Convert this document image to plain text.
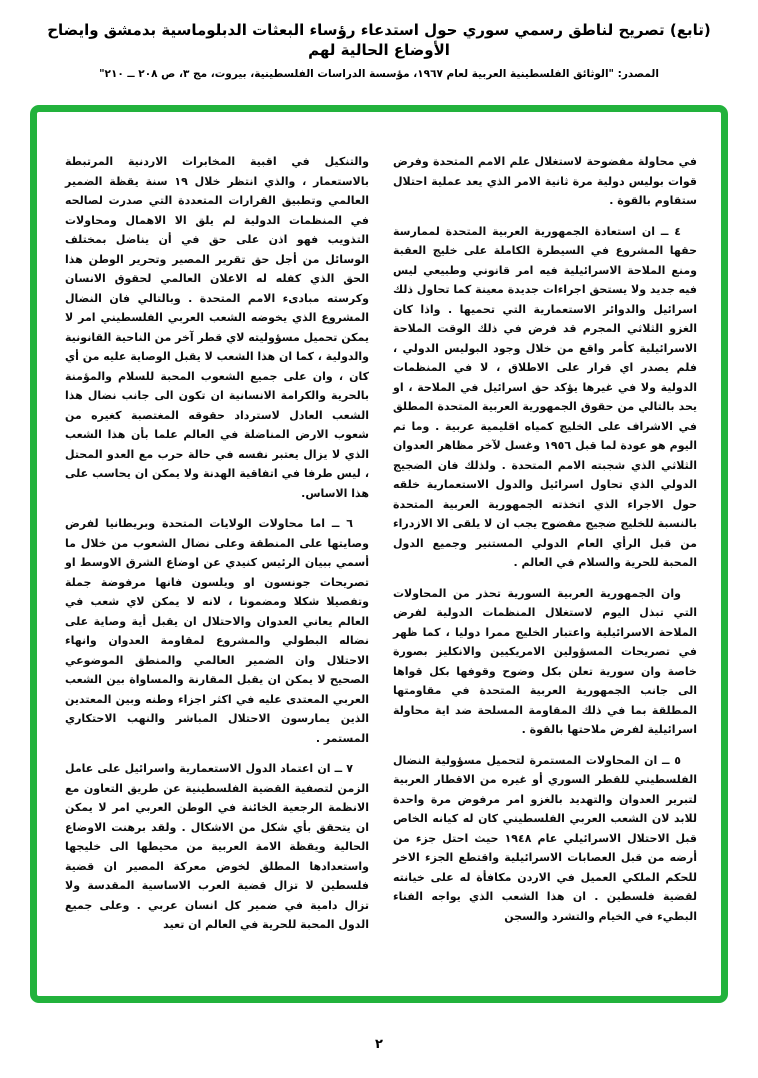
(تابع) تصريح لناطق رسمي سوري حول استدعاء رؤساء البعثات الدبلوماسية بدمشق وايضاح الأوضاع الحالية لهم
المصدر: "الوثائق الفلسطينية العربية لعام ١٩٦٧، مؤسسة الدراسات الفلسطينية، بيروت، مج ٣، ص ٢٠٨ ــ ٢١٠"

في محاولة مفضوحة لاستغلال علم الامم المتحدة وفرض قوات بوليس دولية مرة ثانية الامر الذي يعد عملية احتلال ستقاوم بالقوة .

٤ ــ ان استعادة الجمهورية العربية المتحدة لممارسة حقها المشروع في السيطرة الكاملة على خليج العقبة ومنع الملاحة الاسرائيلية فيه امر قانوني وطبيعي ليس فيه جديد ولا يستحق اجراءات جديدة معينة كما تحاول ذلك اسرائيل والدوائر الاستعمارية التي تحميها . واذا كان الغزو الثلاثي المجرم قد فرض في ذلك الوقت الملاحة الاسرائيلية كأمر واقع من خلال وجود البوليس الدولي ، فلم يصدر اي قرار على الاطلاق ، لا في المنظمات الدولية ولا في غيرها يؤكد حق اسرائيل في الملاحة ، او يحد بالتالي من حقوق الجمهورية العربية المتحدة المطلق في الاشراف على الخليج كمياه اقليمية عربية . وما تم اليوم هو عودة لما قبل ١٩٥٦ وغسل لآخر مظاهر العدوان الثلاثي الذي شجبته الامم المتحدة . ولذلك فان الضجيج الدولي الذي تحاول اسرائيل والدول الاستعمارية خلقه حول الاجراء الذي اتخذته الجمهورية العربية المتحدة بالنسبة للخليج ضجيج مفضوح يجب ان لا يلقى الا الازدراء من قبل الرأي العام الدولي المستنير وجميع الدول المحبة للحرية والسلام في العالم .

وان الجمهورية العربية السورية تحذر من المحاولات التي تبذل اليوم لاستغلال المنظمات الدولية لفرض الملاحة الاسرائيلية واعتبار الخليج ممرا دوليا ، كما ظهر في تصريحات المسؤولين الامريكيين والانكليز بصورة خاصة وان سورية تعلن بكل وضوح وقوفها بكل قواها الى جانب الجمهورية العربية المتحدة في مقاومتها المطلقة بما في ذلك المقاومة المسلحة ضد اية محاولة اسرائيلية لفرض ملاحتها بالقوة .

٥ ــ ان المحاولات المستمرة لتحميل مسؤولية النضال الفلسطيني للقطر السوري أو غيره من الاقطار العربية لتبرير العدوان والتهديد بالغزو امر مرفوض مرة واحدة للابد لان الشعب العربي الفلسطيني كان له كيانه الخاص قبل الاحتلال الاسرائيلي عام ١٩٤٨ حيث احتل جزء من أرضه من قبل العصابات الاسرائيلية واقتطع الجزء الاخر للحكم الملكي العميل في الاردن مكافأة له على خيانته لقضية فلسطين . ان هذا الشعب الذي يواجه الفناء البطيء في الخيام والتشرد والسجن

والتنكيل في اقبية المخابرات الاردنية المرتبطة بالاستعمار ، والذي انتظر خلال ١٩ سنة يقظة الضمير العالمي وتطبيق القرارات المتعددة التي صدرت لصالحه في المنظمات الدولية لم يلق الا الاهمال ومحاولات التذويب فهو اذن على حق في أن يناضل بمختلف الوسائل من أجل حق تقرير المصير وتحرير الوطن هذا الحق الذي كفله له الاعلان العالمي لحقوق الانسان وكرسته مبادىء الامم المتحدة . وبالتالي فان النضال المشروع الذي يخوضه الشعب العربي الفلسطيني امر لا يمكن تحميل مسؤوليته لاي قطر آخر من الناحية القانونية والدولية ، كما ان هذا الشعب لا يقبل الوصاية عليه من أي كان ، وان على جميع الشعوب المحبة للسلام والمؤمنة بالحرية والكرامة الانسانية ان تكون الى جانب نضال هذا الشعب العادل لاسترداد حقوقه المغتصبة كغيره من شعوب الارض المناضلة في العالم علما بأن هذا الشعب الذي لا يزال يعتبر نفسه في حالة حرب مع العدو المحتل ، ليس طرفا في اتفاقية الهدنة ولا يمكن ان يحاسب على هذا الاساس.

٦ ــ اما محاولات الولايات المتحدة وبريطانيا لفرض وصايتها على المنطقة وعلى نضال الشعوب من خلال ما أسمي ببيان الرئيس كنيدي عن اوضاع الشرق الاوسط او تصريحات جونسون او ويلسون فانها مرفوضة جملة وتفصيلا شكلا ومضمونا ، لانه لا يمكن لاي شعب في العالم يعاني العدوان والاحتلال ان يقبل أية وصاية على نضاله البطولي والمشروع لمقاومة العدوان وانهاء الاحتلال وان الضمير العالمي والمنطق الموضوعي الصحيح لا يمكن ان يقبل المقارنة والمساواة بين الشعب العربي المعتدى عليه في اكثر اجزاء وطنه وبين المعتدين الذين يمارسون الاحتلال المباشر والنهب الاحتكاري المستمر .

٧ ــ ان اعتماد الدول الاستعمارية واسرائيل على عامل الزمن لتصفية القضية الفلسطينية عن طريق التعاون مع الانظمة الرجعية الخائنة في الوطن العربي امر لا يمكن ان يتحقق بأي شكل من الاشكال . ولقد برهنت الاوضاع الحالية ويقظة الامة العربية من محيطها الى خليجها واستعدادها المطلق لخوض معركة المصير ان قضية فلسطين لا تزال قضية العرب الاساسية المقدسة ولا تزال دامية في ضمير كل انسان عربي . وعلى جميع الدول المحبة للحرية في العالم ان تعيد

٢
